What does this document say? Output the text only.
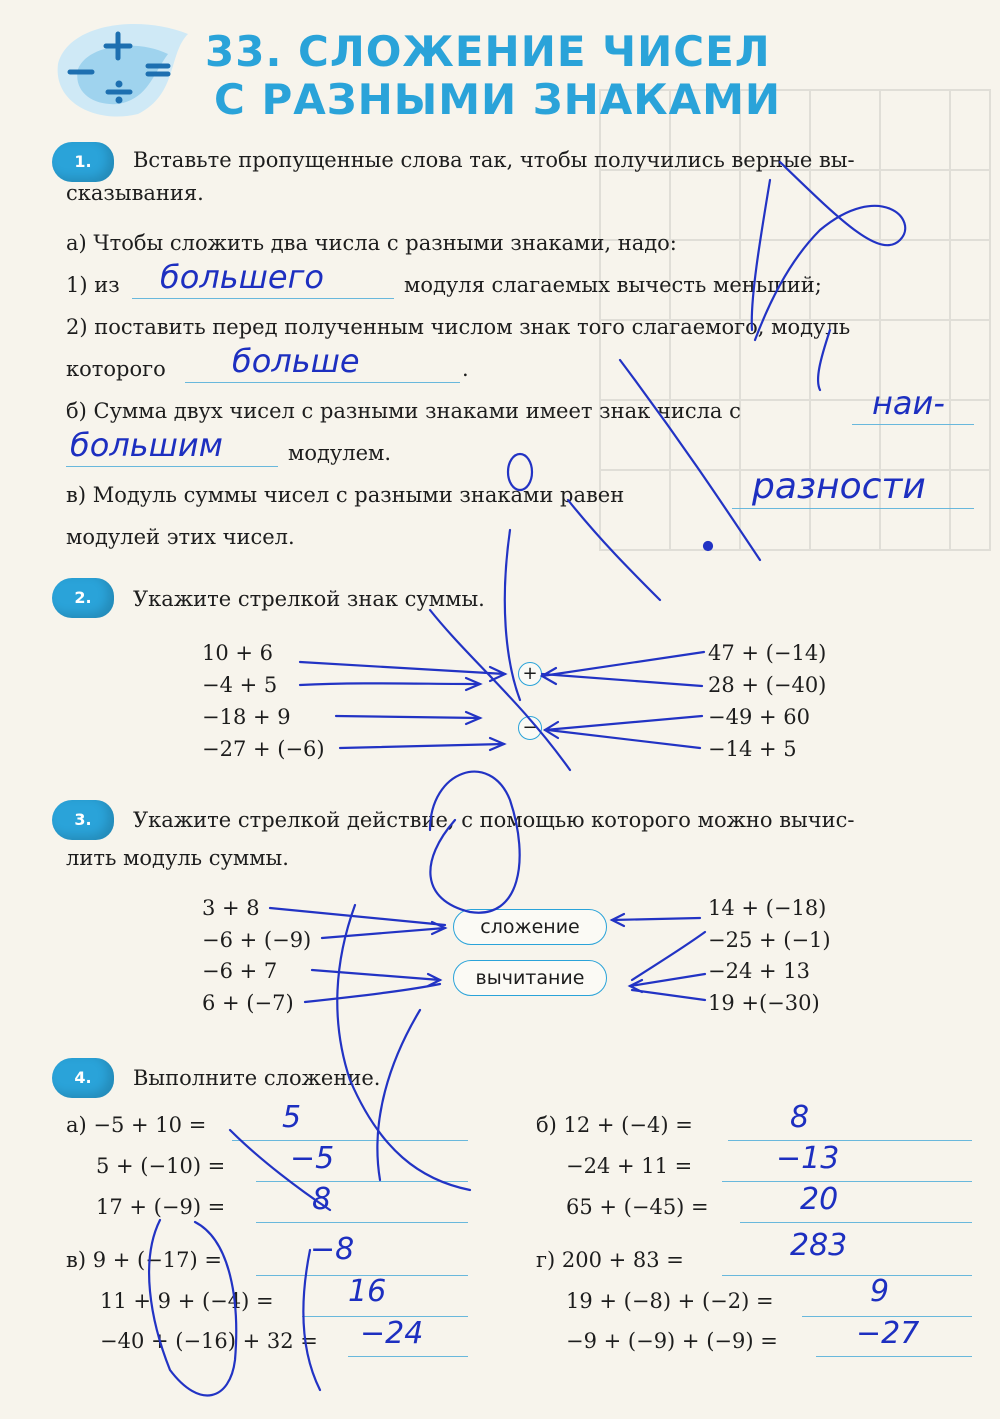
33. СЛОЖЕНИЕ ЧИСЕЛ
С РАЗНЫМИ ЗНАКАМИ
1.	Вставьте пропущенные слова так, чтобы получились верные вы-
сказывания.
а) Чтобы сложить два числа с разными знаками, надо:
1) из большего	модуля слагаемых вычесть меньший;
2) поставить перед полученным числом знак того слагаемого, модуль
которого больше	.
б) Сумма двух чисел с разными знаками имеет знак числа с	наи-
большим	модулем.
в) Модуль суммы чисел с разными знаками равен	разности
модулей этих чисел.
2.	Укажите стрелкой знак суммы.
10 + 6
−4 + 5
−18 + 9
−27 + (−6)
+
−
47 + (−14)
28 + (−40)
−49 + 60
−14 + 5
3.	Укажите стрелкой действие, с помощью которого можно вычис-
лить модуль суммы.
3 + 8
−6 + (−9)
−6 + 7
6 + (−7)
сложение
вычитание
14 + (−18)
−25 + (−1)
−24 + 13
19 +(−30)
4.	Выполните сложение.
а) −5 + 10 =	5
5 + (−10) = −5
17 + (−9) =	8
в) 9 + (−17) =	−8
11 + 9 + (−4) = 16
−40 + (−16) + 32 = −24
б) 12 + (−4) =	8
−24 + 11 =	−13
65 + (−45) =	20
г) 200 + 83 =	283
19 + (−8) + (−2) =	9
−9 + (−9) + (−9) =	−27
